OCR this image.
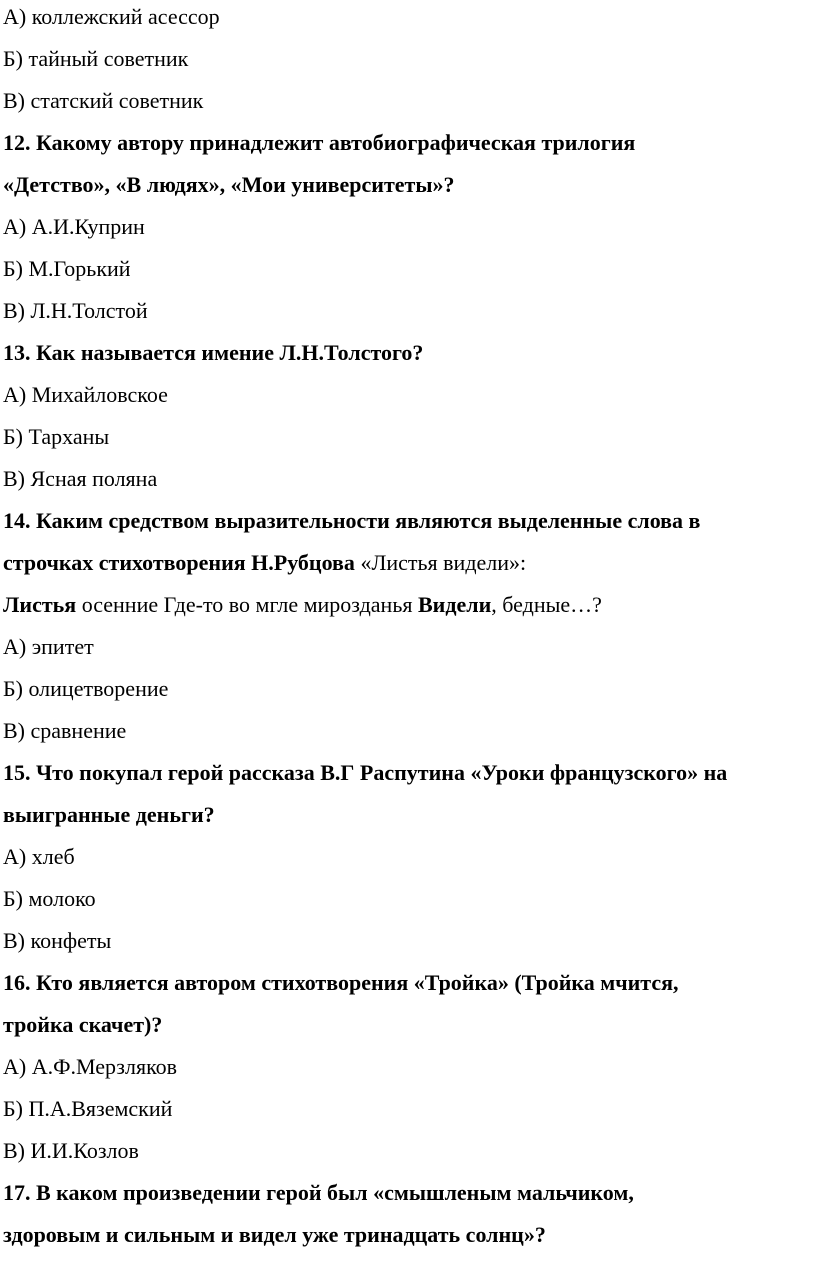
А) коллежский асессор
Б) тайный советник
В) статский советник
12. Какому автору принадлежит автобиографическая трилогия
«Детство», «В людях», «Мои университеты»?
А) А.И.Куприн
Б) М.Горький
В) Л.Н.Толстой
13. Как называется имение Л.Н.Толстого?
А) Михайловское
Б) Тарханы
В) Ясная поляна
14. Каким средством выразительности являются выделенные слова в
строчках стихотворения Н.Рубцова «Листья видели»:
Листья осенние Где-то во мгле мирозданья Видели, бедные…?
А) эпитет
Б) олицетворение
В) сравнение
15. Что покупал герой рассказа В.Г Распутина «Уроки французского» на
выигранные деньги?
А) хлеб
Б) молоко
В) конфеты
16. Кто является автором стихотворения «Тройка» (Тройка мчится,
тройка скачет)?
А) А.Ф.Мерзляков
Б) П.А.Вяземский
В) И.И.Козлов
17. В каком произведении герой был «смышленым мальчиком,
здоровым и сильным и видел уже тринадцать солнц»?
